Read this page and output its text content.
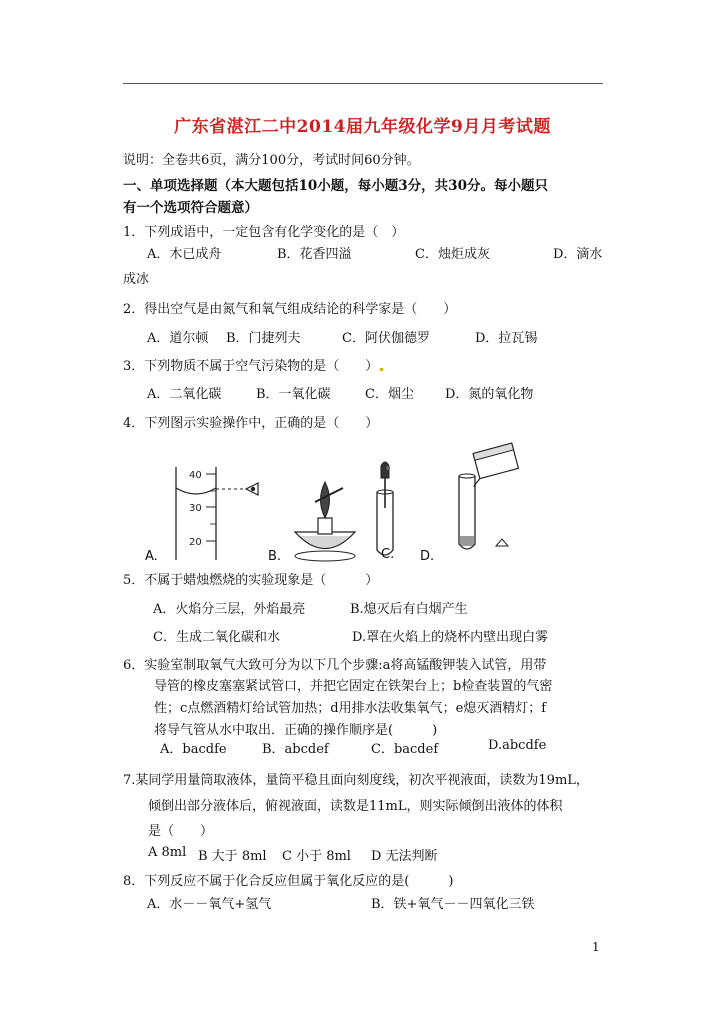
广东省湛江二中2014届九年级化学9月月考试题
说明：全卷共6页，满分100分，考试时间60分钟。
一、单项选择题（本大题包括10小题，每小题3分，共30分。每小题只
有一个选项符合题意）
1．下列成语中，一定包含有化学变化的是（　）
A．木已成舟	B．花香四溢	C．烛炬成灰	D．滴水
成冰
2．得出空气是由氮气和氧气组成结论的科学家是（　　）
A．道尔顿 B．门捷列夫	C．阿伏伽德罗	D．拉瓦锡
3．下列物质不属于空气污染物的是（　　）
A．二氧化碳	B．一氧化碳	C．烟尘 D．氮的氧化物
4．下列图示实验操作中，正确的是（　　）
40
30
20
A.	B.	C. D.
5．不属于蜡烛燃烧的实验现象是（　　　）
A．火焰分三层，外焰最亮	B.熄灭后有白烟产生
C．生成二氧化碳和水	D.罩在火焰上的烧杯内壁出现白雾
6．实验室制取氧气大致可分为以下几个步骤:a将高锰酸钾装入试管，用带
导管的橡皮塞塞紧试管口，并把它固定在铁架台上；b检查装置的气密
性；c点燃酒精灯给试管加热；d用排水法收集氧气；e熄灭酒精灯；f
将导气管从水中取出．正确的操作顺序是(　　　)
A．bacdfe	B．abcdef	C．bacdef	D.abcdfe
7.某同学用量筒取液体，量筒平稳且面向刻度线，初次平视液面，读数为19mL，
倾倒出部分液体后，俯视液面，读数是11mL，则实际倾倒出液体的体积
是（　　）
A 8ml B 大于 8ml C 小于 8ml D 无法判断
8．下列反应不属于化合反应但属于氧化反应的是(　　　)
A．水－－氧气+氢气	B．铁+氧气－－四氧化三铁
1
